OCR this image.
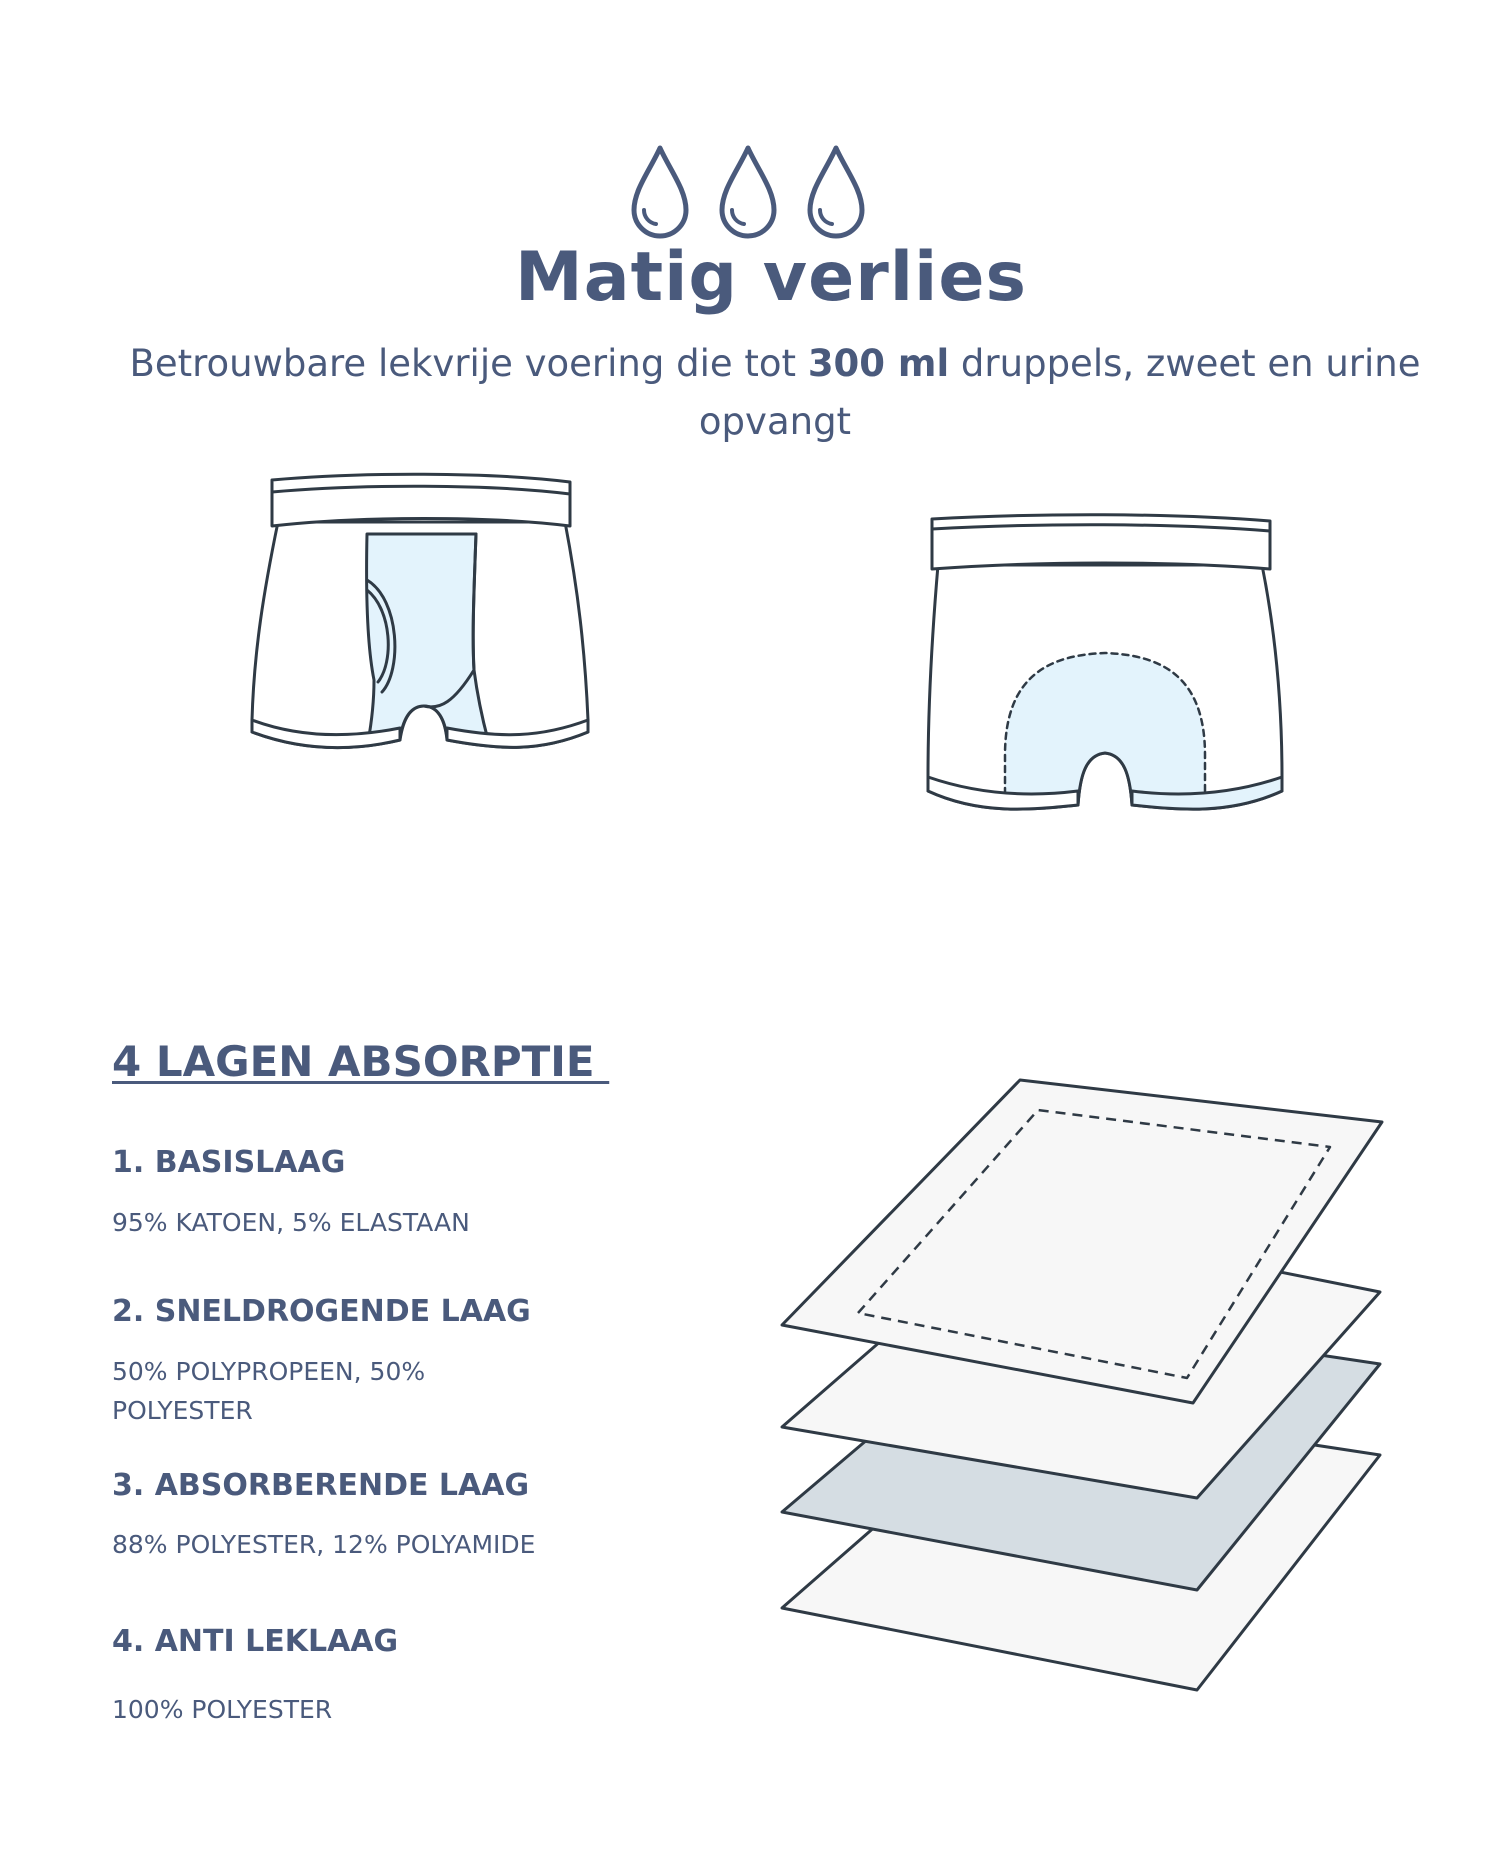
Matig verlies
Betrouwbare lekvrije voering die tot 300 ml druppels, zweet en urine opvangt
4 LAGEN ABSORPTIE
1. BASISLAAG
95% KATOEN, 5% ELASTAAN
2. SNELDROGENDE LAAG
50% POLYPROPEEN, 50% POLYESTER
3. ABSORBERENDE LAAG
88% POLYESTER, 12% POLYAMIDE
4. ANTI LEKLAAG
100% POLYESTER
